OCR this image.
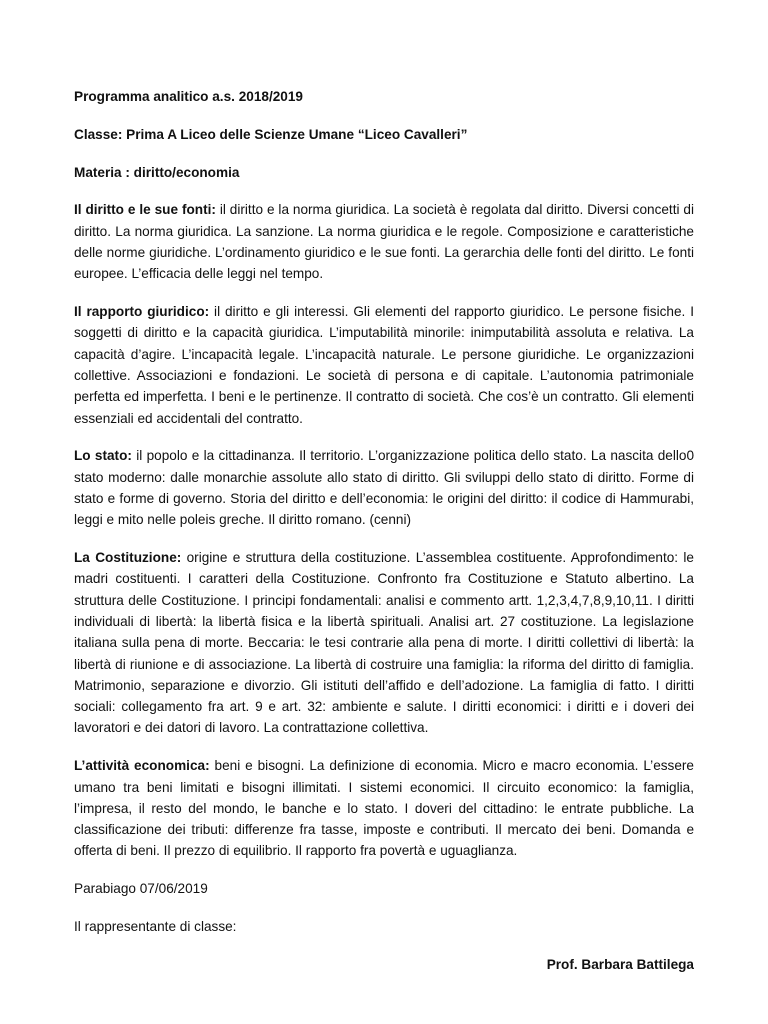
Programma analitico a.s. 2018/2019

Classe: Prima A Liceo delle Scienze Umane “Liceo Cavalleri”

Materia : diritto/economia

Il diritto e le sue fonti: il diritto e la norma giuridica. La società è regolata dal diritto. Diversi concetti di diritto. La norma giuridica. La sanzione. La norma giuridica e le regole. Composizione e caratteristiche delle norme giuridiche. L’ordinamento giuridico e le sue fonti. La gerarchia delle fonti del diritto. Le fonti europee. L’efficacia delle leggi nel tempo.

Il rapporto giuridico: il diritto e gli interessi. Gli elementi del rapporto giuridico. Le persone fisiche. I soggetti di diritto e la capacità giuridica. L’imputabilità minorile: inimputabilità assoluta e relativa. La capacità d’agire. L’incapacità legale. L’incapacità naturale. Le persone giuridiche. Le organizzazioni collettive. Associazioni e fondazioni. Le società di persona e di capitale. L’autonomia patrimoniale perfetta ed imperfetta. I beni e le pertinenze. Il contratto di società. Che cos’è un contratto. Gli elementi essenziali ed accidentali del contratto.

Lo stato: il popolo e la cittadinanza. Il territorio. L’organizzazione politica dello stato. La nascita dello0 stato moderno: dalle monarchie assolute allo stato di diritto. Gli sviluppi dello stato di diritto. Forme di stato e forme di governo. Storia del diritto e dell’economia: le origini del diritto: il codice di Hammurabi, leggi e mito nelle poleis greche. Il diritto romano. (cenni)

La Costituzione: origine e struttura della costituzione. L’assemblea costituente. Approfondimento: le madri costituenti. I caratteri della Costituzione. Confronto fra Costituzione e Statuto albertino. La struttura delle Costituzione. I principi fondamentali: analisi e commento artt. 1,2,3,4,7,8,9,10,11. I diritti individuali di libertà: la libertà fisica e la libertà spirituali. Analisi art. 27 costituzione. La legislazione italiana sulla pena di morte. Beccaria: le tesi contrarie alla pena di morte. I diritti collettivi di libertà: la libertà di riunione e di associazione. La libertà di costruire una famiglia: la riforma del diritto di famiglia. Matrimonio, separazione e divorzio. Gli istituti dell’affido e dell’adozione. La famiglia di fatto. I diritti sociali: collegamento fra art. 9 e art. 32: ambiente e salute. I diritti economici: i diritti e i doveri dei lavoratori e dei datori di lavoro. La contrattazione collettiva.

L’attività economica: beni e bisogni. La definizione di economia. Micro e macro economia. L’essere umano tra beni limitati e bisogni illimitati. I sistemi economici. Il circuito economico: la famiglia, l’impresa, il resto del mondo, le banche e lo stato. I doveri del cittadino: le entrate pubbliche. La classificazione dei tributi: differenze fra tasse, imposte e contributi. Il mercato dei beni. Domanda e offerta di beni. Il prezzo di equilibrio. Il rapporto fra povertà e uguaglianza.

Parabiago 07/06/2019

Il rappresentante di classe:

Prof. Barbara Battilega
